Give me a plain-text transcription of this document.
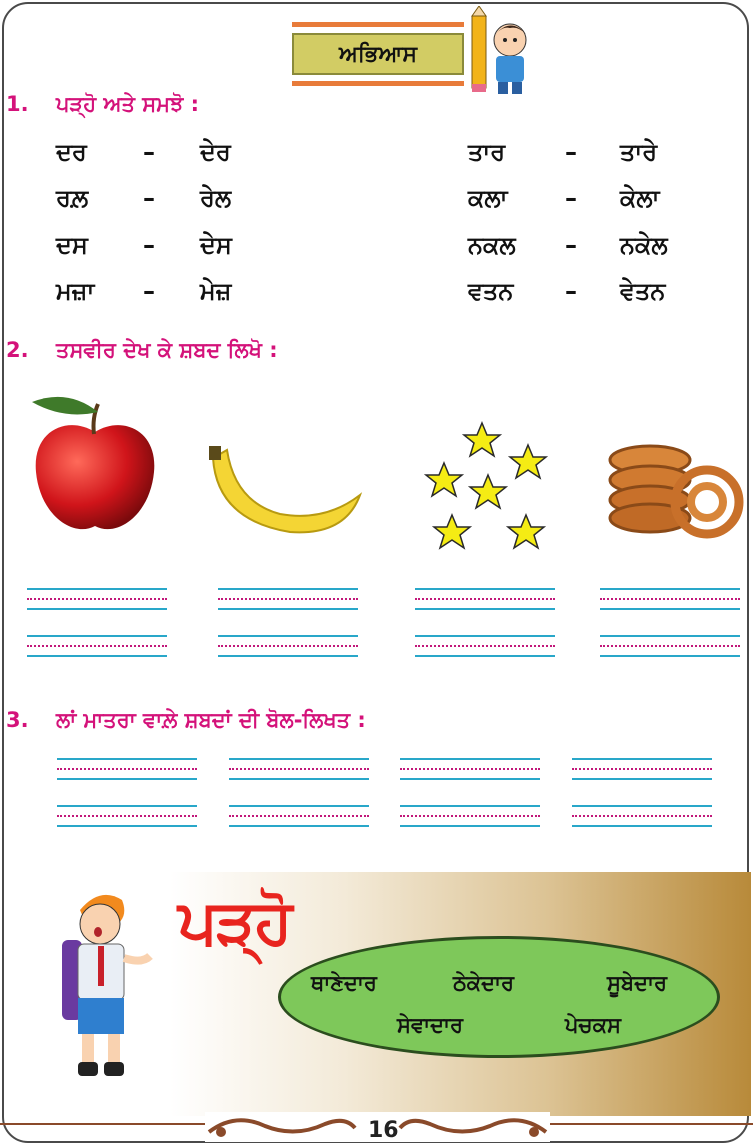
ਅਭਿਆਸ
1. ਪੜ੍ਹੋ ਅਤੇ ਸਮਝੋ :
ਦਰ – ਦੇਰ	ਤਾਰ – ਤਾਰੇ
ਰਲ਼ – ਰੇਲ	ਕਲਾ – ਕੇਲਾ
ਦਸ – ਦੇਸ	ਨਕਲ – ਨਕੇਲ
ਮਜ਼ਾ – ਮੇਜ਼	ਵਤਨ – ਵੇਤਨ
2. ਤਸਵੀਰ ਦੇਖ ਕੇ ਸ਼ਬਦ ਲਿਖੋ :
3. ਲਾਂ ਮਾਤਰਾ ਵਾਲ਼ੇ ਸ਼ਬਦਾਂ ਦੀ ਬੋਲ-ਲਿਖਤ :
ਪੜ੍ਹੋ
ਥਾਣੇਦਾਰ	ਠੇਕੇਦਾਰ	ਸੂਬੇਦਾਰ
ਸੇਵਾਦਾਰ	ਪੇਚਕਸ
16
